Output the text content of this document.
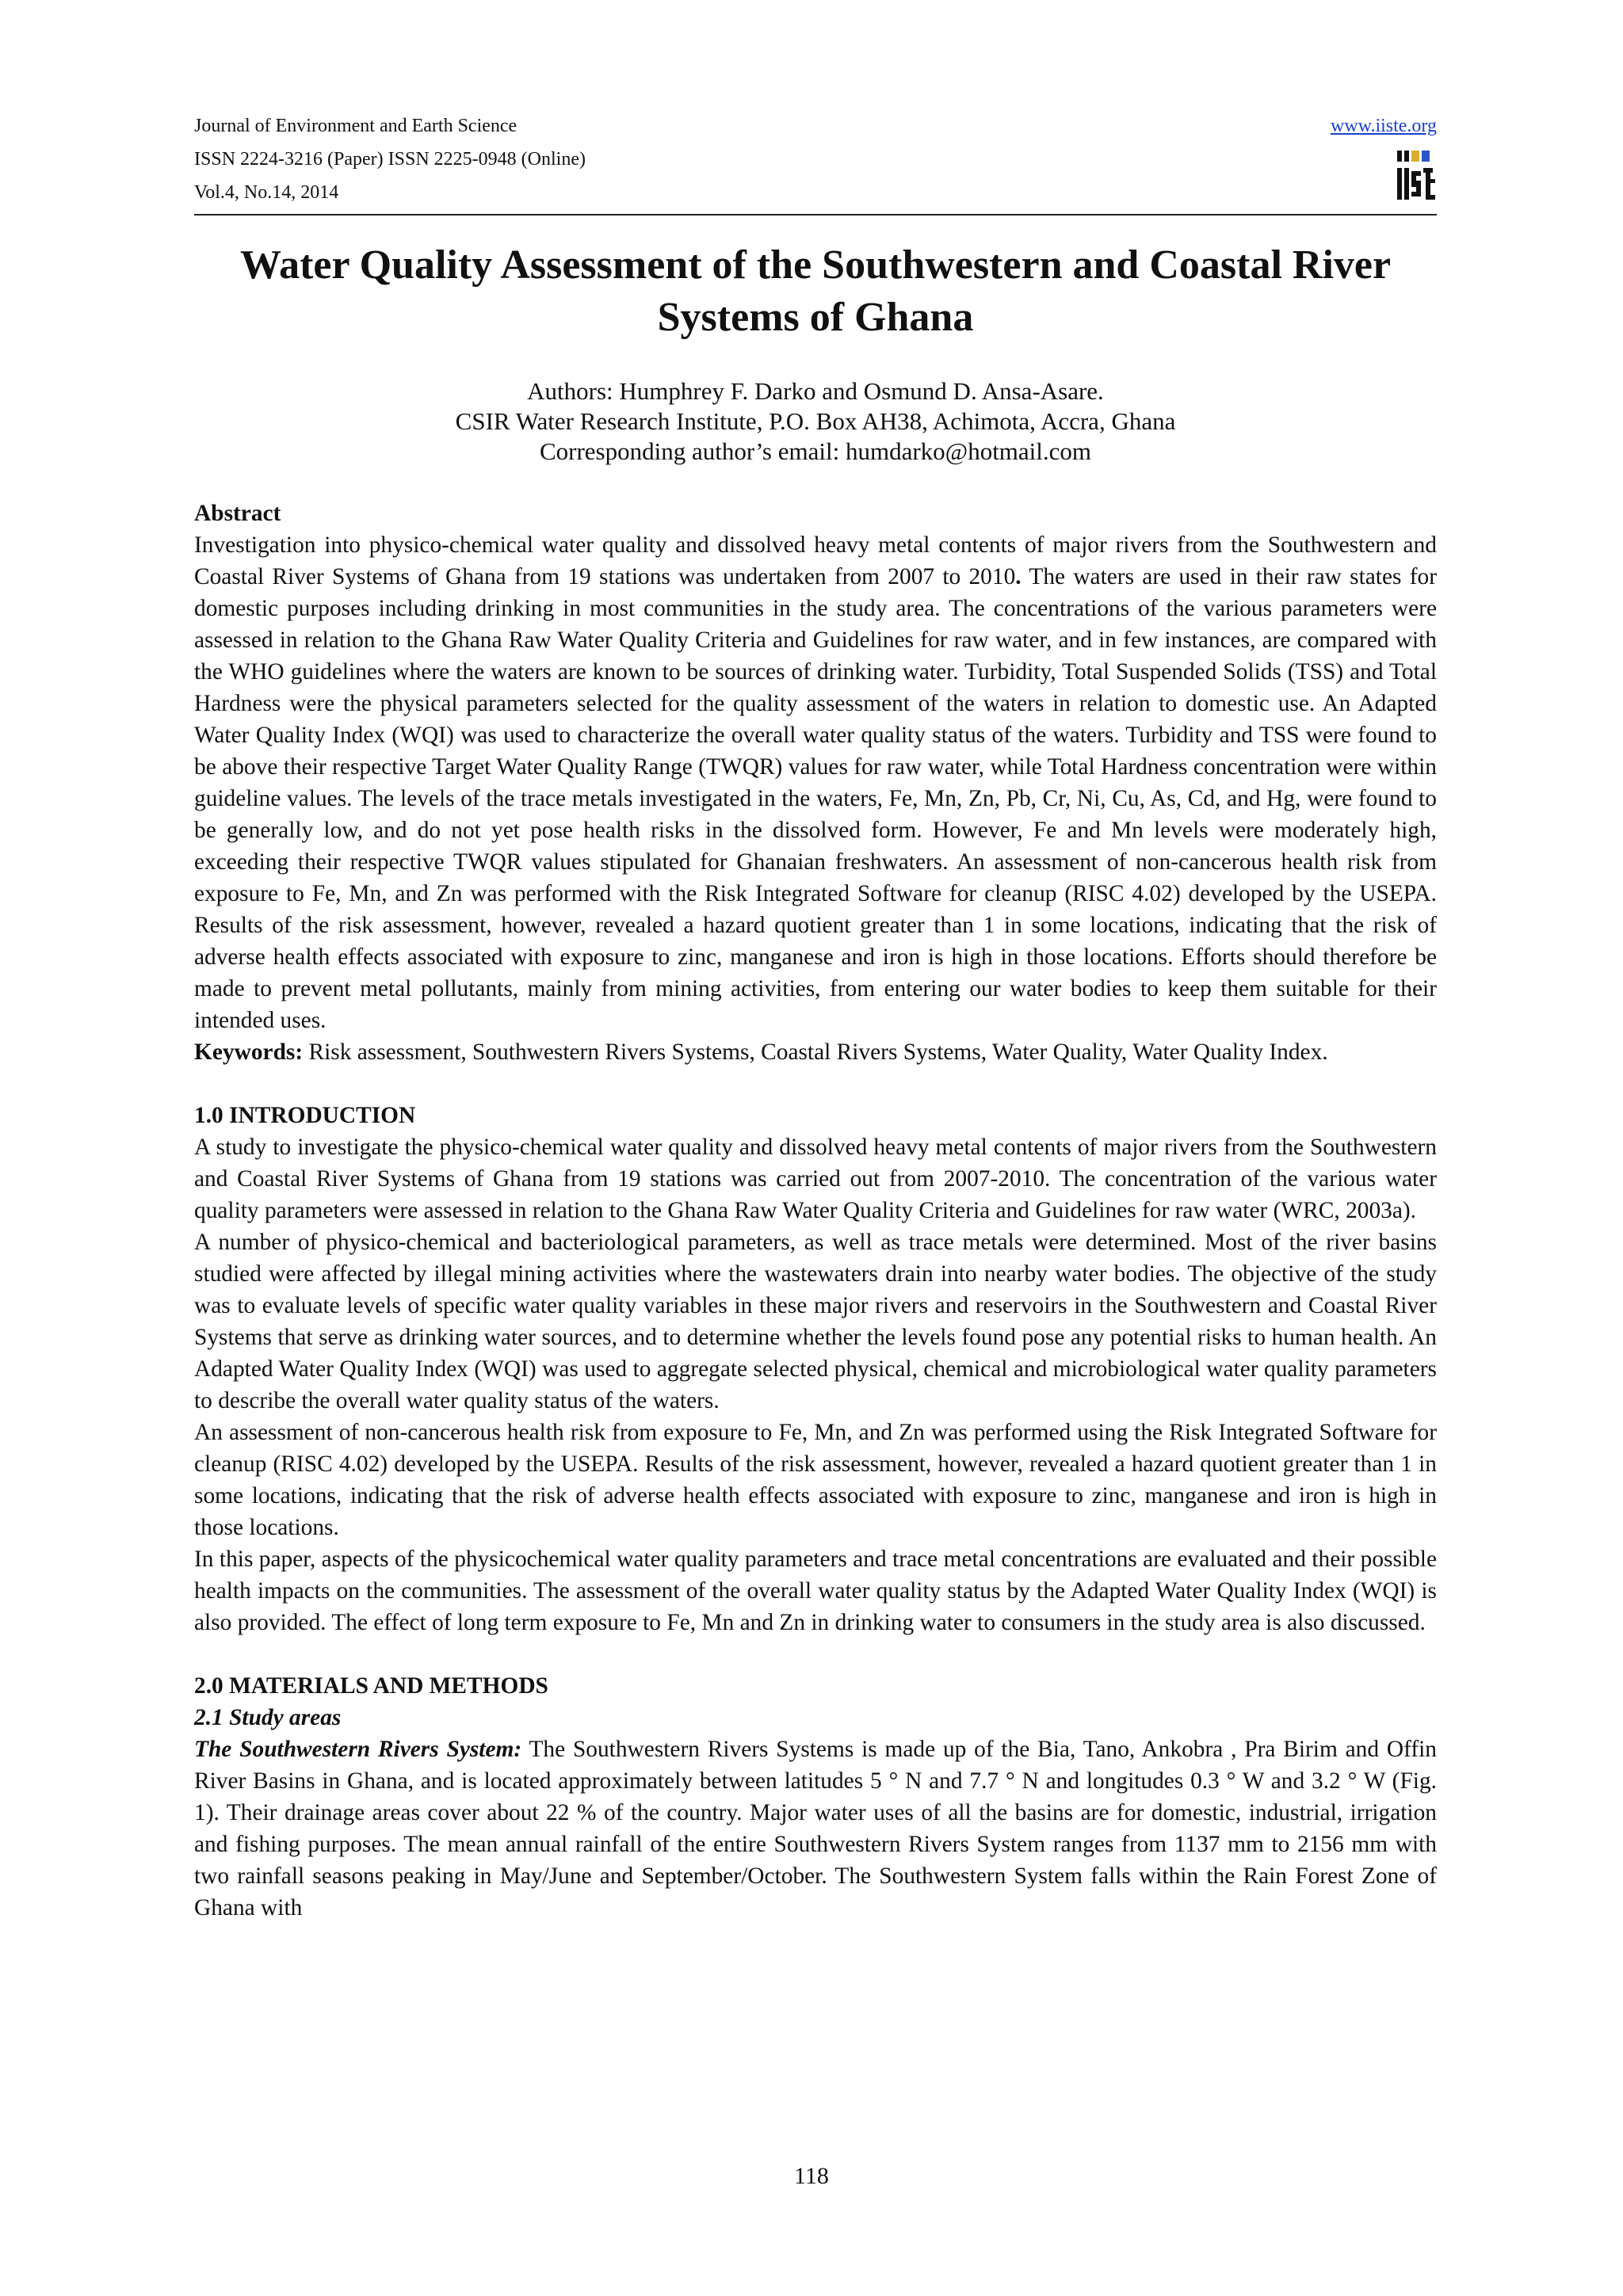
Journal of Environment and Earth Science
ISSN 2224-3216 (Paper) ISSN 2225-0948 (Online)
Vol.4, No.14, 2014
www.iiste.org
Water Quality Assessment of the Southwestern and Coastal River
Systems of Ghana
Authors: Humphrey F. Darko and Osmund D. Ansa-Asare.
CSIR Water Research Institute, P.O. Box AH38, Achimota, Accra, Ghana
Corresponding author’s email: humdarko@hotmail.com

Abstract

Investigation into physico-chemical water quality and dissolved heavy metal contents of major rivers from the Southwestern and Coastal River Systems of Ghana from 19 stations was undertaken from 2007 to 2010. The waters are used in their raw states for domestic purposes including drinking in most communities in the study area. The concentrations of the various parameters were assessed in relation to the Ghana Raw Water Quality Criteria and Guidelines for raw water, and in few instances, are compared with the WHO guidelines where the waters are known to be sources of drinking water. Turbidity, Total Suspended Solids (TSS) and Total Hardness were the physical parameters selected for the quality assessment of the waters in relation to domestic use. An Adapted Water Quality Index (WQI) was used to characterize the overall water quality status of the waters. Turbidity and TSS were found to be above their respective Target Water Quality Range (TWQR) values for raw water, while Total Hardness concentration were within guideline values. The levels of the trace metals investigated in the waters, Fe, Mn, Zn, Pb, Cr, Ni, Cu, As, Cd, and Hg, were found to be generally low, and do not yet pose health risks in the dissolved form. However, Fe and Mn levels were moderately high, exceeding their respective TWQR values stipulated for Ghanaian freshwaters. An assessment of non-cancerous health risk from exposure to Fe, Mn, and Zn was performed with the Risk Integrated Software for cleanup (RISC 4.02) developed by the USEPA. Results of the risk assessment, however, revealed a hazard quotient greater than 1 in some locations, indicating that the risk of adverse health effects associated with exposure to zinc, manganese and iron is high in those locations. Efforts should therefore be made to prevent metal pollutants, mainly from mining activities, from entering our water bodies to keep them suitable for their intended uses.

Keywords: Risk assessment, Southwestern Rivers Systems, Coastal Rivers Systems, Water Quality, Water Quality Index.

1.0 INTRODUCTION

A study to investigate the physico-chemical water quality and dissolved heavy metal contents of major rivers from the Southwestern and Coastal River Systems of Ghana from 19 stations was carried out from 2007-2010. The concentration of the various water quality parameters were assessed in relation to the Ghana Raw Water Quality Criteria and Guidelines for raw water (WRC, 2003a).

A number of physico-chemical and bacteriological parameters, as well as trace metals were determined. Most of the river basins studied were affected by illegal mining activities where the wastewaters drain into nearby water bodies. The objective of the study was to evaluate levels of specific water quality variables in these major rivers and reservoirs in the Southwestern and Coastal River Systems that serve as drinking water sources, and to determine whether the levels found pose any potential risks to human health. An Adapted Water Quality Index (WQI) was used to aggregate selected physical, chemical and microbiological water quality parameters to describe the overall water quality status of the waters.

An assessment of non-cancerous health risk from exposure to Fe, Mn, and Zn was performed using the Risk Integrated Software for cleanup (RISC 4.02) developed by the USEPA. Results of the risk assessment, however, revealed a hazard quotient greater than 1 in some locations, indicating that the risk of adverse health effects associated with exposure to zinc, manganese and iron is high in those locations.

In this paper, aspects of the physicochemical water quality parameters and trace metal concentrations are evaluated and their possible health impacts on the communities. The assessment of the overall water quality status by the Adapted Water Quality Index (WQI) is also provided. The effect of long term exposure to Fe, Mn and Zn in drinking water to consumers in the study area is also discussed.

2.0 MATERIALS AND METHODS

2.1 Study areas

The Southwestern Rivers System: The Southwestern Rivers Systems is made up of the Bia, Tano, Ankobra , Pra Birim and Offin River Basins in Ghana, and is located approximately between latitudes 5 ° N and 7.7 ° N and longitudes 0.3 ° W and 3.2 ° W (Fig. 1). Their drainage areas cover about 22 % of the country. Major water uses of all the basins are for domestic, industrial, irrigation and fishing purposes. The mean annual rainfall of the entire Southwestern Rivers System ranges from 1137 mm to 2156 mm with two rainfall seasons peaking in May/June and September/October. The Southwestern System falls within the Rain Forest Zone of Ghana with

118
